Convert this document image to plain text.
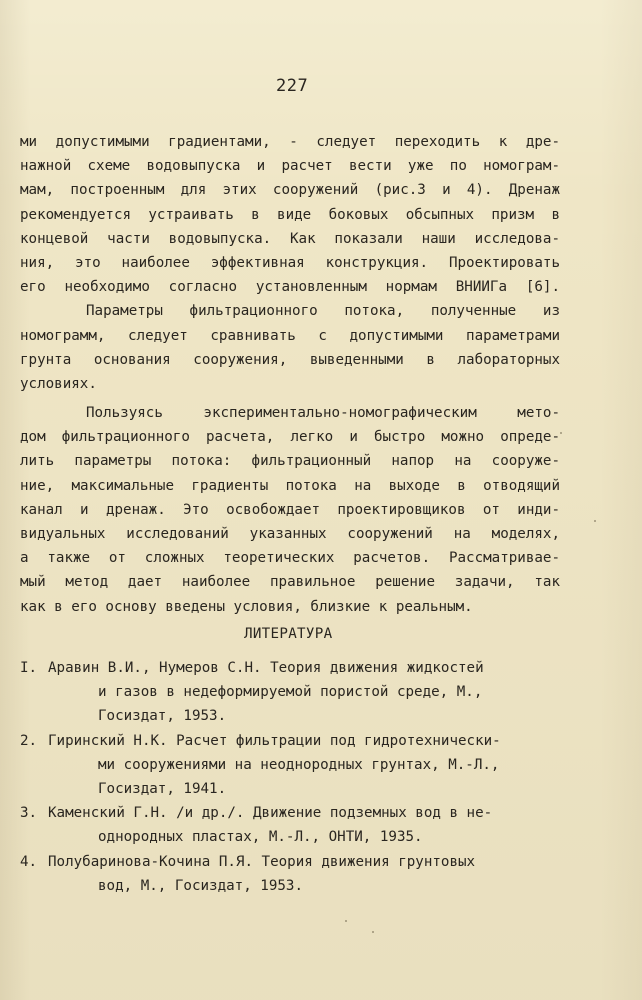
227
ми допустимыми градиентами, - следует переходить к дре-
нажной схеме водовыпуска и расчет вести уже по номограм-
мам, построенным для этих сооружений (рис.3 и 4). Дренаж
рекомендуется устраивать в виде боковых обсыпных призм в
концевой части водовыпуска. Как показали наши исследова-
ния, это наиболее эффективная конструкция. Проектировать
его необходимо согласно установленным нормам ВНИИГа [6].
Параметры фильтрационного потока, полученные из
номограмм, следует сравнивать с допустимыми параметрами
грунта основания сооружения, выведенными в лабораторных
условиях.
Пользуясь экспериментально-номографическим мето-
дом фильтрационного расчета, легко и быстро можно опреде-
лить параметры потока: фильтрационный напор на сооруже-
ние, максимальные градиенты потока на выходе в отводящий
канал и дренаж. Это освобождает проектировщиков от инди-
видуальных исследований указанных сооружений на моделях,
а также от сложных теоретических расчетов. Рассматривае-
мый метод дает наиболее правильное решение задачи, так
как в его основу введены условия, близкие к реальным.
ЛИТЕРАТУРА
I. Аравин В.И., Нумеров С.Н. Теория движения жидкостей
и газов в недеформируемой пористой среде, М.,
Госиздат, 1953.
2. Гиринский Н.К. Расчет фильтрации под гидротехнически-
ми сооружениями на неоднородных грунтах, М.-Л.,
Госиздат, 1941.
3. Каменский Г.Н. /и др./. Движение подземных вод в не-
однородных пластах, М.-Л., ОНТИ, 1935.
4. Полубаринова-Кочина П.Я. Теория движения грунтовых
вод, М., Госиздат, 1953.
